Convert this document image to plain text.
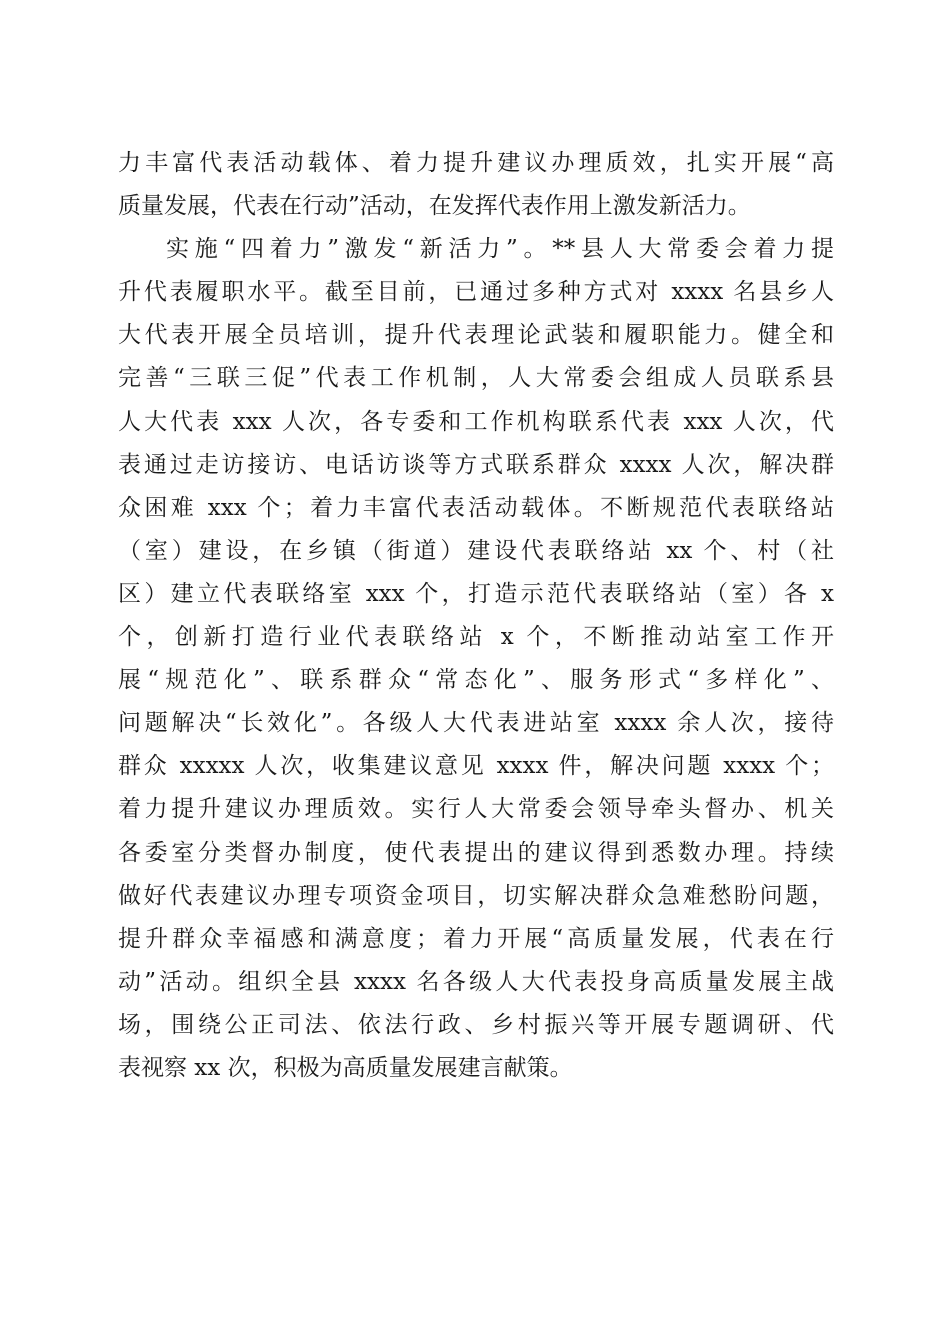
力丰富代表活动载体、着力提升建议办理质效，扎实开展“高
质量发展，代表在行动”活动，在发挥代表作用上激发新活力。
实施“四着力”激发“新活力”。**县人大常委会着力提
升代表履职水平。截至目前，已通过多种方式对 xxxx 名县乡人
大代表开展全员培训，提升代表理论武装和履职能力。健全和
完善“三联三促”代表工作机制，人大常委会组成人员联系县
人大代表 xxx 人次，各专委和工作机构联系代表 xxx 人次，代
表通过走访接访、电话访谈等方式联系群众 xxxx 人次，解决群
众困难 xxx 个；着力丰富代表活动载体。不断规范代表联络站
（室）建设，在乡镇（街道）建设代表联络站 xx 个、村（社
区）建立代表联络室 xxx 个，打造示范代表联络站（室）各 x
个，创新打造行业代表联络站 x 个，不断推动站室工作开
展“规范化”、联系群众“常态化”、服务形式“多样化”、
问题解决“长效化”。各级人大代表进站室 xxxx 余人次，接待
群众 xxxxx 人次，收集建议意见 xxxx 件，解决问题 xxxx 个；
着力提升建议办理质效。实行人大常委会领导牵头督办、机关
各委室分类督办制度，使代表提出的建议得到悉数办理。持续
做好代表建议办理专项资金项目，切实解决群众急难愁盼问题，
提升群众幸福感和满意度；着力开展“高质量发展，代表在行
动”活动。组织全县 xxxx 名各级人大代表投身高质量发展主战
场，围绕公正司法、依法行政、乡村振兴等开展专题调研、代
表视察 xx 次，积极为高质量发展建言献策。
